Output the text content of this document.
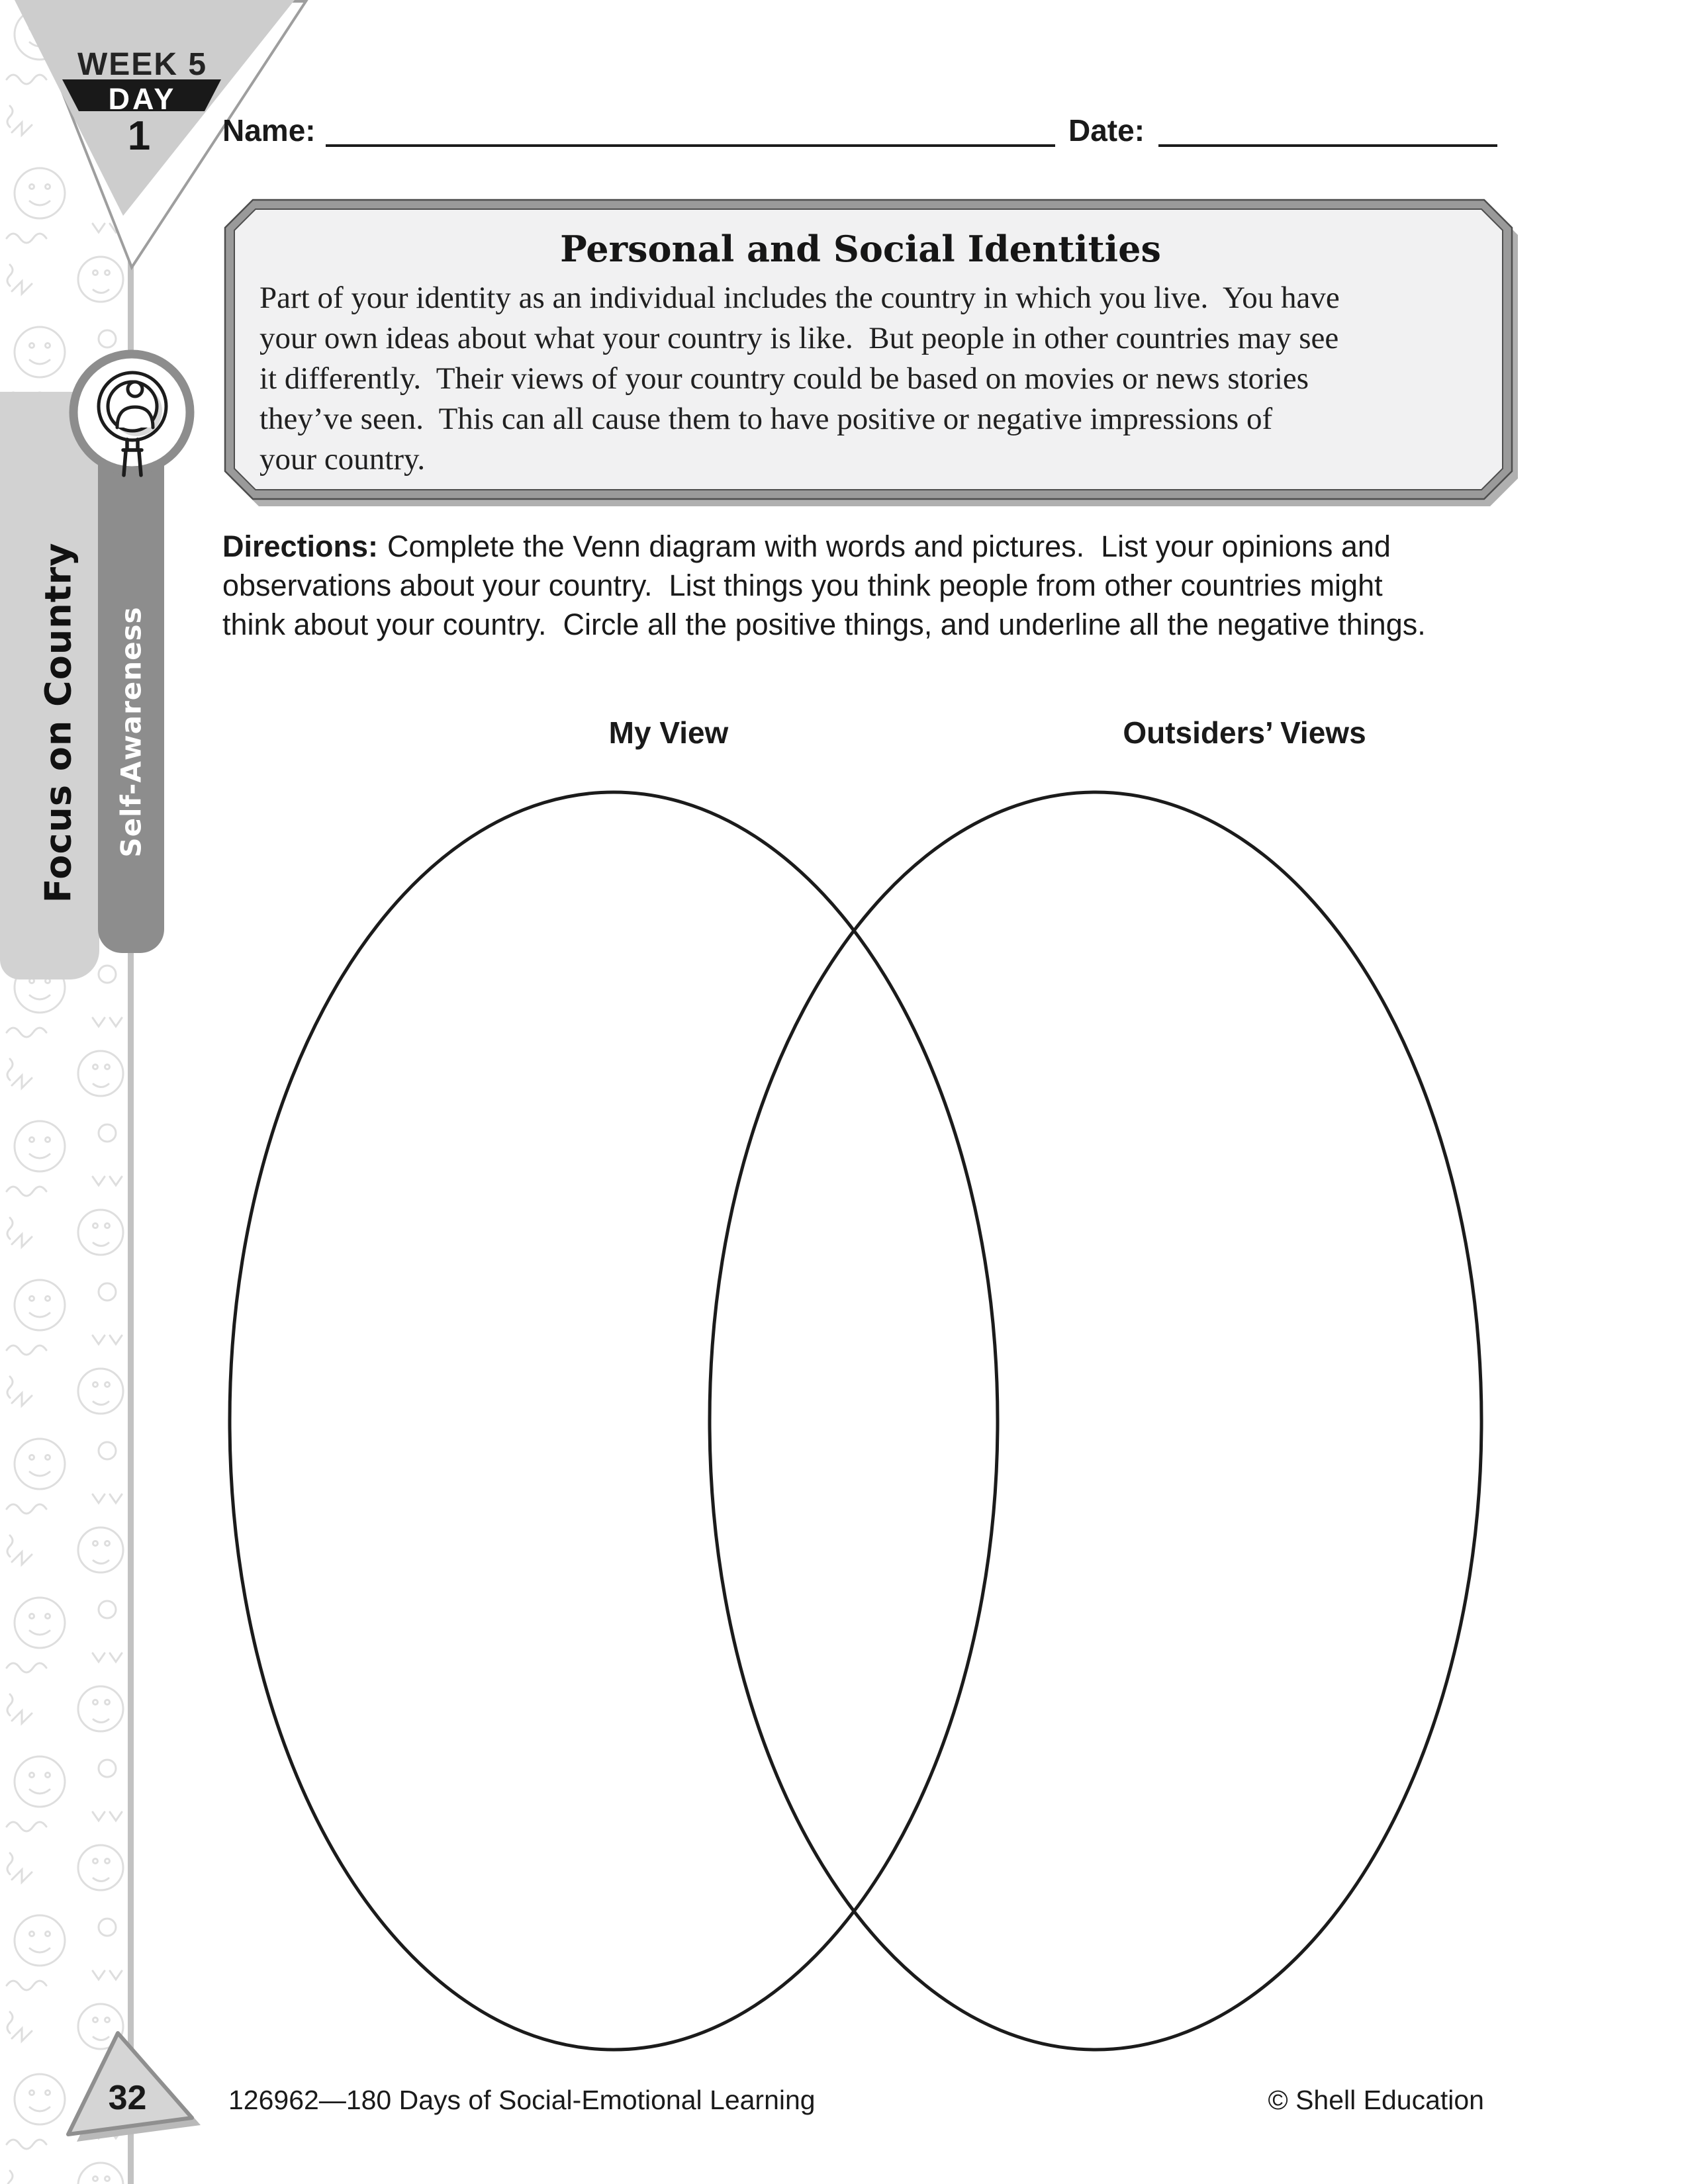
WEEK 5
DAY
1	Name:	Date:
Personal and Social Identities
Part of your identity as an individual includes the country in which you live.  You have
your own ideas about what your country is like.  But people in other countries may see
it differently.  Their views of your country could be based on movies or news stories
they’ve seen.  This can all cause them to have positive or negative impressions of
your country.
Directions: Complete the Venn diagram with words and pictures.  List your opinions and
observations about your country.  List things you think people from other countries might
think about your country.  Circle all the positive things, and underline all the negative things.
My View	Outsiders’ Views
Focus on Country Self-Awareness
32	126962—180 Days of Social-Emotional Learning	© Shell Education
